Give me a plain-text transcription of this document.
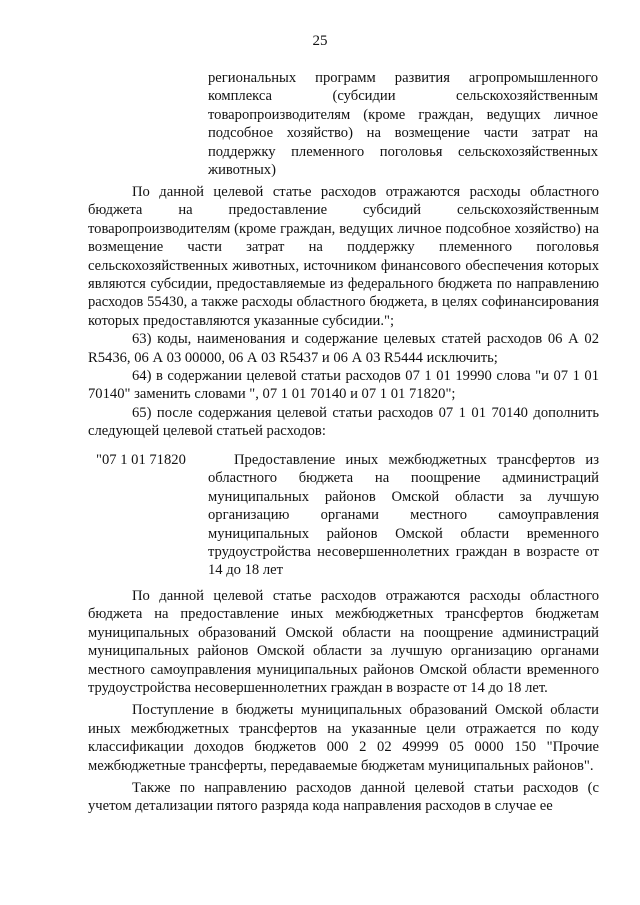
25

региональных программ развития агропромышленного комплекса (субсидии сельскохозяйственным товаропроизводителям (кроме граждан, ведущих личное подсобное хозяйство) на возмещение части затрат на поддержку племенного поголовья сельскохозяйственных животных)

По данной целевой статье расходов отражаются расходы областного бюджета на предоставление субсидий сельскохозяйственным товаропроизводителям (кроме граждан, ведущих личное подсобное хозяйство) на возмещение части затрат на поддержку племенного поголовья сельскохозяйственных животных, источником финансового обеспечения которых являются субсидии, предоставляемые из федерального бюджета по направлению расходов 55430, а также расходы областного бюджета, в целях софинансирования которых предоставляются указанные субсидии.";

63) коды, наименования и содержание целевых статей расходов 06 А 02 R5436, 06 А 03 00000, 06 А 03 R5437 и 06 А 03 R5444 исключить;

64) в содержании целевой статьи расходов 07 1 01 19990 слова "и 07 1 01 70140" заменить словами ", 07 1 01 70140 и 07 1 01 71820";

65) после содержания целевой статьи расходов 07 1 01 70140 дополнить следующей целевой статьей расходов:

"07 1 01 71820	Предоставление иных межбюджетных трансфертов из областного бюджета на поощрение администраций муниципальных районов Омской области за лучшую организацию органами местного самоуправления муниципальных районов Омской области временного трудоустройства несовершеннолетних граждан в возрасте от 14 до 18 лет

По данной целевой статье расходов отражаются расходы областного бюджета на предоставление иных межбюджетных трансфертов бюджетам муниципальных образований Омской области на поощрение администраций муниципальных районов Омской области за лучшую организацию органами местного самоуправления муниципальных районов Омской области временного трудоустройства несовершеннолетних граждан в возрасте от 14 до 18 лет.

Поступление в бюджеты муниципальных образований Омской области иных межбюджетных трансфертов на указанные цели отражается по коду классификации доходов бюджетов 000 2 02 49999 05 0000 150 "Прочие межбюджетные трансферты, передаваемые бюджетам муниципальных районов".

Также по направлению расходов данной целевой статьи расходов (с учетом детализации пятого разряда кода направления расходов в случае ее
